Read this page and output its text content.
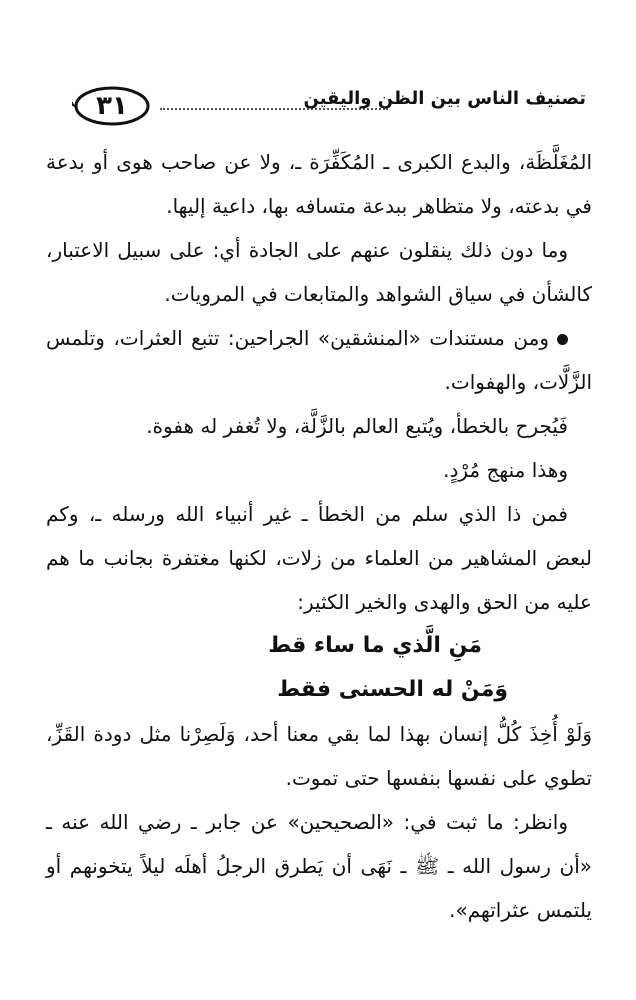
٣١	تصنيف الناس بين الظن واليقين

المُغَلَّظَة، والبدع الكبرى ـ المُكَفِّرَة ـ، ولا عن صاحب هوى أو بدعة في بدعته، ولا متظاهر ببدعة متسافه بها، داعية إليها.

وما دون ذلك ينقلون عنهم على الجادة أي: على سبيل الاعتبار، كالشأن في سياق الشواهد والمتابعات في المرويات.

ومن مستندات «المنشقين» الجراحين: تتبع العثرات، وتلمس الزَّلَّات، والهفوات.

فَيُجرح بالخطأ، ويُتبع العالم بالزَّلَّة، ولا تُغفر له هفوة.

وهذا منهج مُرْدٍ.

فمن ذا الذي سلم من الخطأ ـ غير أنبياء الله ورسله ـ، وكم لبعض المشاهير من العلماء من زلات، لكنها مغتفرة بجانب ما هم عليه من الحق والهدى والخير الكثير:

مَنِ الَّذي ما ساء قط

وَمَنْ له الحسنى فقط

وَلَوْ أُخِذَ كُلُّ إنسان بهذا لما بقي معنا أحد، وَلَصِرْنا مثل دودة القَزِّ، تطوي على نفسها بنفسها حتى تموت.

وانظر: ما ثبت في: «الصحيحين» عن جابر ـ رضي الله عنه ـ «أن رسول الله ـ ﷺ ـ نَهَى أن يَطرق الرجلُ أهلَه ليلاً يتخونهم أو يلتمس عثراتهم».
